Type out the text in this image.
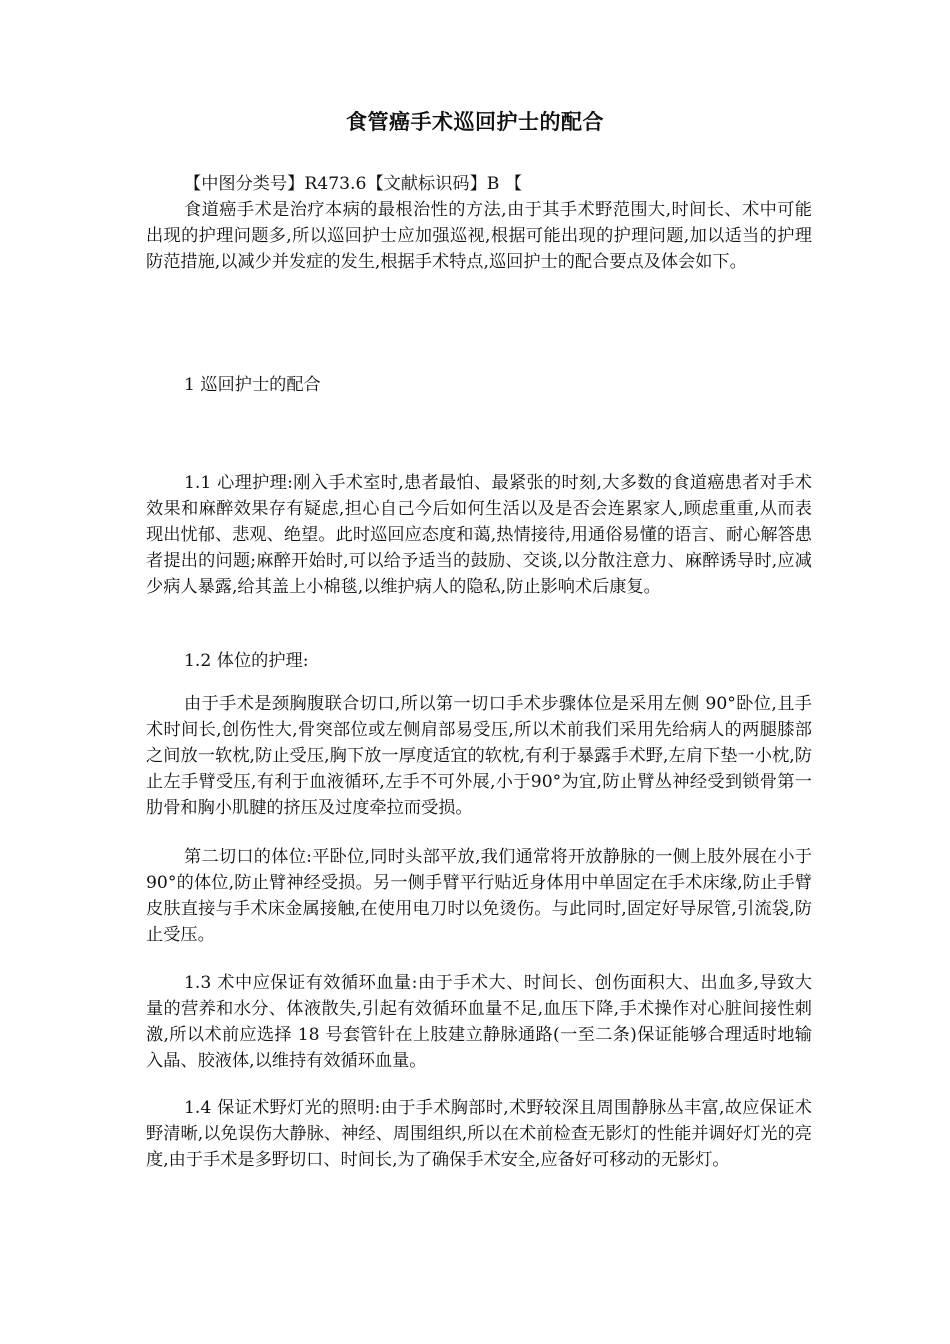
食管癌手术巡回护士的配合

【中图分类号】R473.6【文献标识码】B 【

食道癌手术是治疗本病的最根治性的方法,由于其手术野范围大,时间长、术中可能出现的护理问题多,所以巡回护士应加强巡视,根据可能出现的护理问题,加以适当的护理防范措施,以减少并发症的发生,根据手术特点,巡回护士的配合要点及体会如下。

1 巡回护士的配合

1.1 心理护理:刚入手术室时,患者最怕、最紧张的时刻,大多数的食道癌患者对手术效果和麻醉效果存有疑虑,担心自己今后如何生活以及是否会连累家人,顾虑重重,从而表现出忧郁、悲观、绝望。此时巡回应态度和蔼,热情接待,用通俗易懂的语言、耐心解答患者提出的问题;麻醉开始时,可以给予适当的鼓励、交谈,以分散注意力、麻醉诱导时,应减少病人暴露,给其盖上小棉毯,以维护病人的隐私,防止影响术后康复。

1.2 体位的护理:

由于手术是颈胸腹联合切口,所以第一切口手术步骤体位是采用左侧 90°卧位,且手术时间长,创伤性大,骨突部位或左侧肩部易受压,所以术前我们采用先给病人的两腿膝部之间放一软枕,防止受压,胸下放一厚度适宜的软枕,有利于暴露手术野,左肩下垫一小枕,防止左手臂受压,有利于血液循环,左手不可外展,小于90°为宜,防止臂丛神经受到锁骨第一肋骨和胸小肌腱的挤压及过度牵拉而受损。

第二切口的体位:平卧位,同时头部平放,我们通常将开放静脉的一侧上肢外展在小于 90°的体位,防止臂神经受损。另一侧手臂平行贴近身体用中单固定在手术床缘,防止手臂皮肤直接与手术床金属接触,在使用电刀时以免烫伤。与此同时,固定好导尿管,引流袋,防止受压。

1.3 术中应保证有效循环血量:由于手术大、时间长、创伤面积大、出血多,导致大量的营养和水分、体液散失,引起有效循环血量不足,血压下降,手术操作对心脏间接性刺激,所以术前应选择 18 号套管针在上肢建立静脉通路(一至二条)保证能够合理适时地输入晶、胶液体,以维持有效循环血量。

1.4 保证术野灯光的照明:由于手术胸部时,术野较深且周围静脉丛丰富,故应保证术野清晰,以免误伤大静脉、神经、周围组织,所以在术前检查无影灯的性能并调好灯光的亮度,由于手术是多野切口、时间长,为了确保手术安全,应备好可移动的无影灯。
